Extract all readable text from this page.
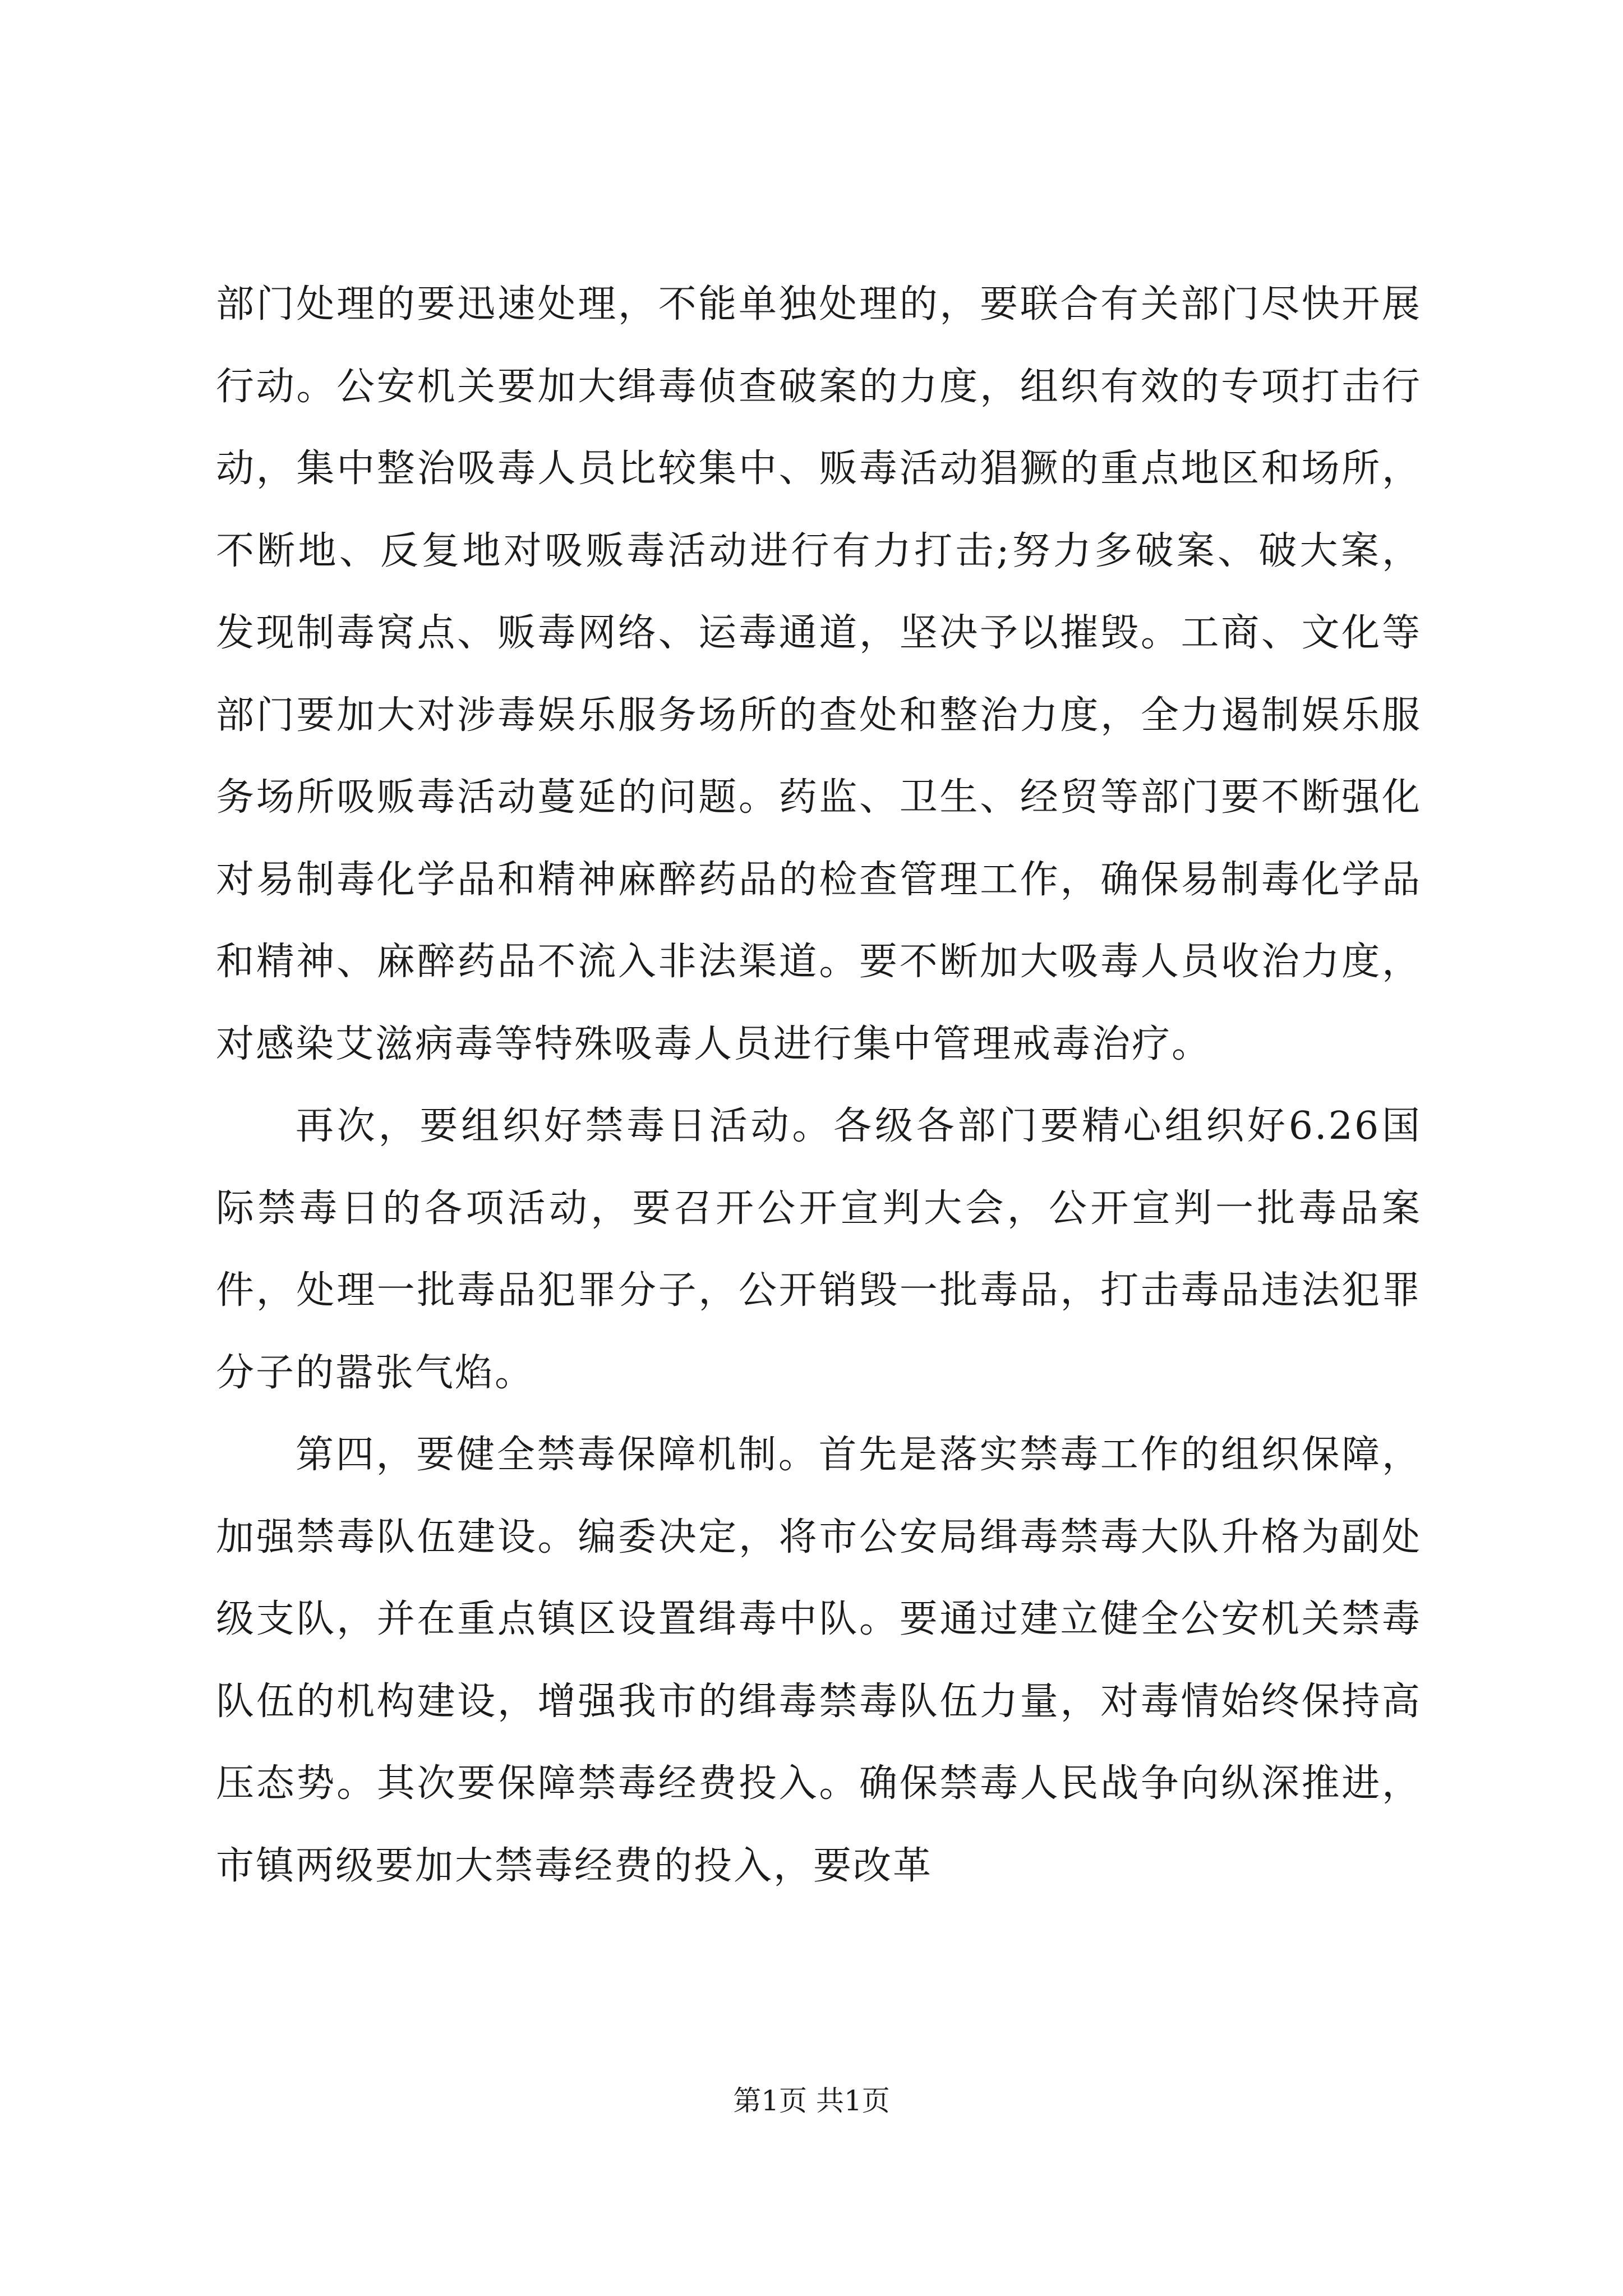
部门处理的要迅速处理，不能单独处理的，要联合有关部门尽快开展行动。公安机关要加大缉毒侦查破案的力度，组织有效的专项打击行动，集中整治吸毒人员比较集中、贩毒活动猖獗的重点地区和场所，不断地、反复地对吸贩毒活动进行有力打击;努力多破案、破大案，发现制毒窝点、贩毒网络、运毒通道，坚决予以摧毁。工商、文化等部门要加大对涉毒娱乐服务场所的查处和整治力度，全力遏制娱乐服务场所吸贩毒活动蔓延的问题。药监、卫生、经贸等部门要不断强化对易制毒化学品和精神麻醉药品的检查管理工作，确保易制毒化学品和精神、麻醉药品不流入非法渠道。要不断加大吸毒人员收治力度，对感染艾滋病毒等特殊吸毒人员进行集中管理戒毒治疗。

再次，要组织好禁毒日活动。各级各部门要精心组织好6.26国际禁毒日的各项活动，要召开公开宣判大会，公开宣判一批毒品案件，处理一批毒品犯罪分子，公开销毁一批毒品，打击毒品违法犯罪分子的嚣张气焰。

第四，要健全禁毒保障机制。首先是落实禁毒工作的组织保障，加强禁毒队伍建设。编委决定，将市公安局缉毒禁毒大队升格为副处级支队，并在重点镇区设置缉毒中队。要通过建立健全公安机关禁毒队伍的机构建设，增强我市的缉毒禁毒队伍力量，对毒情始终保持高压态势。其次要保障禁毒经费投入。确保禁毒人民战争向纵深推进，市镇两级要加大禁毒经费的投入，要改革

第1页 共1页
